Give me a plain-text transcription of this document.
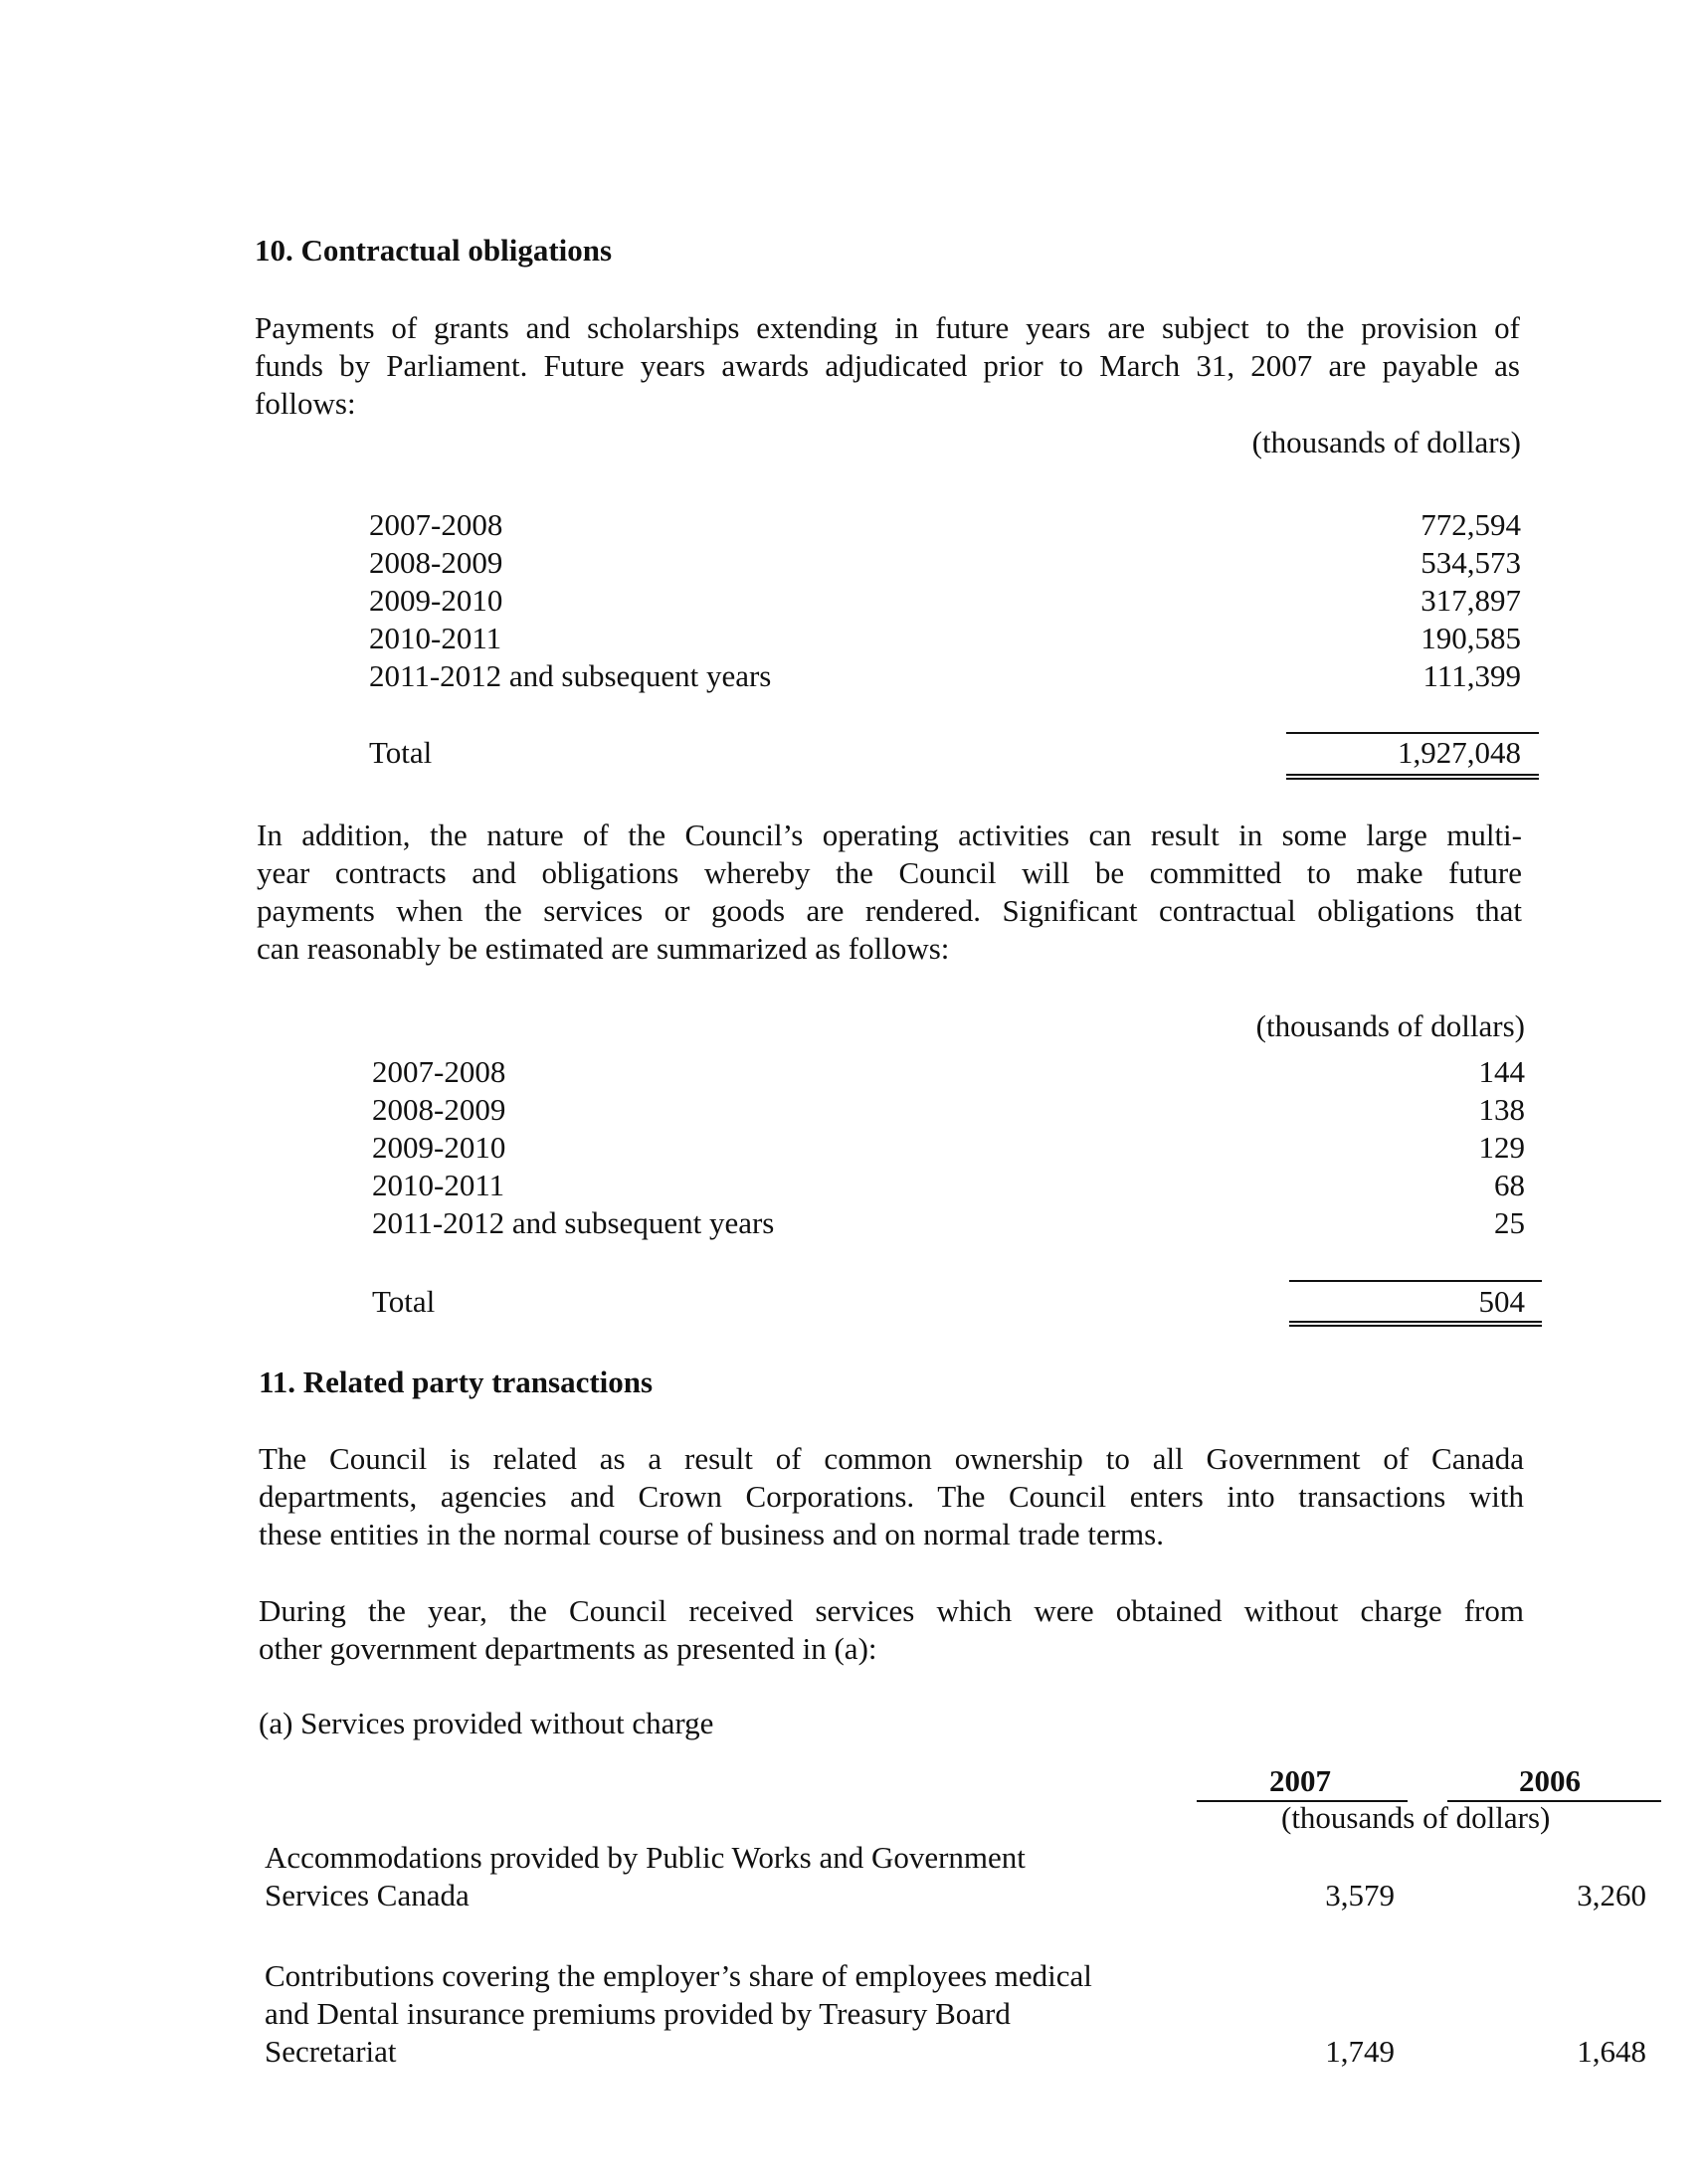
10. Contractual obligations
Payments of grants and scholarships extending in future years are subject to the provision of
funds by Parliament. Future years awards adjudicated prior to March 31, 2007 are payable as
follows:
(thousands of dollars)
2007-2008	772,594
2008-2009	534,573
2009-2010	317,897
2010-2011	190,585
2011-2012 and subsequent years	111,399
Total	1,927,048
In addition, the nature of the Council’s operating activities can result in some large multi-
year contracts and obligations whereby the Council will be committed to make future
payments when the services or goods are rendered. Significant contractual obligations that
can reasonably be estimated are summarized as follows:
(thousands of dollars)
2007-2008	144
2008-2009	138
2009-2010	129
2010-2011	68
2011-2012 and subsequent years	25
Total	504
11. Related party transactions
The Council is related as a result of common ownership to all Government of Canada
departments, agencies and Crown Corporations. The Council enters into transactions with
these entities in the normal course of business and on normal trade terms.
During the year, the Council received services which were obtained without charge from
other government departments as presented in (a):
(a) Services provided without charge
2007	2006
(thousands of dollars)
Accommodations provided by Public Works and Government
Services Canada	3,579	3,260
Contributions covering the employer’s share of employees medical
and Dental insurance premiums provided by Treasury Board
Secretariat	1,749	1,648
